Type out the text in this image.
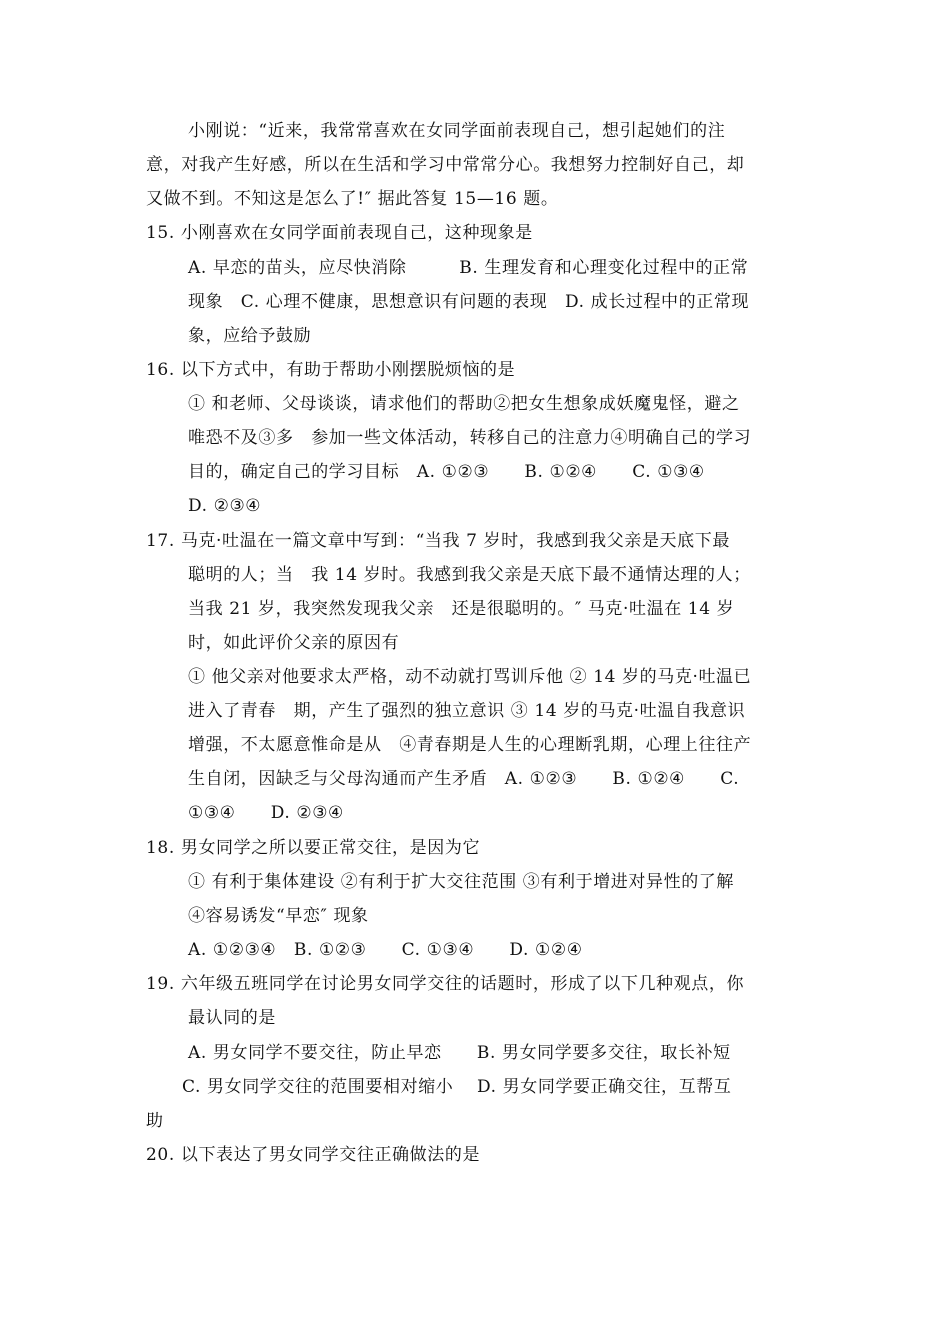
小刚说：“近来，我常常喜欢在女同学面前表现自己，想引起她们的注
意，对我产生好感，所以在生活和学习中常常分心。我想努力控制好自己，却
又做不到。不知这是怎么了!″ 据此答复 15—16 题。
15. 小刚喜欢在女同学面前表现自己，这种现象是
A. 早恋的苗头，应尽快消除　　　B. 生理发育和心理变化过程中的正常
现象　C. 心理不健康，思想意识有问题的表现　D. 成长过程中的正常现
象，应给予鼓励
16. 以下方式中，有助于帮助小刚摆脱烦恼的是
① 和老师、父母谈谈，请求他们的帮助②把女生想象成妖魔鬼怪，避之
唯恐不及③多　参加一些文体活动，转移自己的注意力④明确自己的学习
目的，确定自己的学习目标　A. ①②③　　B. ①②④　　C. ①③④
D. ②③④
17. 马克·吐温在一篇文章中写到：“当我 7 岁时，我感到我父亲是天底下最
聪明的人；当　我 14 岁时。我感到我父亲是天底下最不通情达理的人；
当我 21 岁，我突然发现我父亲　还是很聪明的。″ 马克·吐温在 14 岁
时，如此评价父亲的原因有
① 他父亲对他要求太严格，动不动就打骂训斥他 ② 14 岁的马克·吐温已
进入了青春　期，产生了强烈的独立意识 ③ 14 岁的马克·吐温自我意识
增强，不太愿意惟命是从　④青春期是人生的心理断乳期，心理上往往产
生自闭，因缺乏与父母沟通而产生矛盾　A. ①②③　　B. ①②④　　C.
①③④　　D. ②③④
18. 男女同学之所以要正常交往，是因为它
① 有利于集体建设 ②有利于扩大交往范围 ③有利于增进对异性的了解
④容易诱发“早恋″ 现象
A. ①②③④　B. ①②③　　C. ①③④　　D. ①②④
19. 六年级五班同学在讨论男女同学交往的话题时，形成了以下几种观点，你
最认同的是
A. 男女同学不要交往，防止早恋　　B. 男女同学要多交往，取长补短
C. 男女同学交往的范围要相对缩小　 D. 男女同学要正确交往，互帮互
助
20. 以下表达了男女同学交往正确做法的是
